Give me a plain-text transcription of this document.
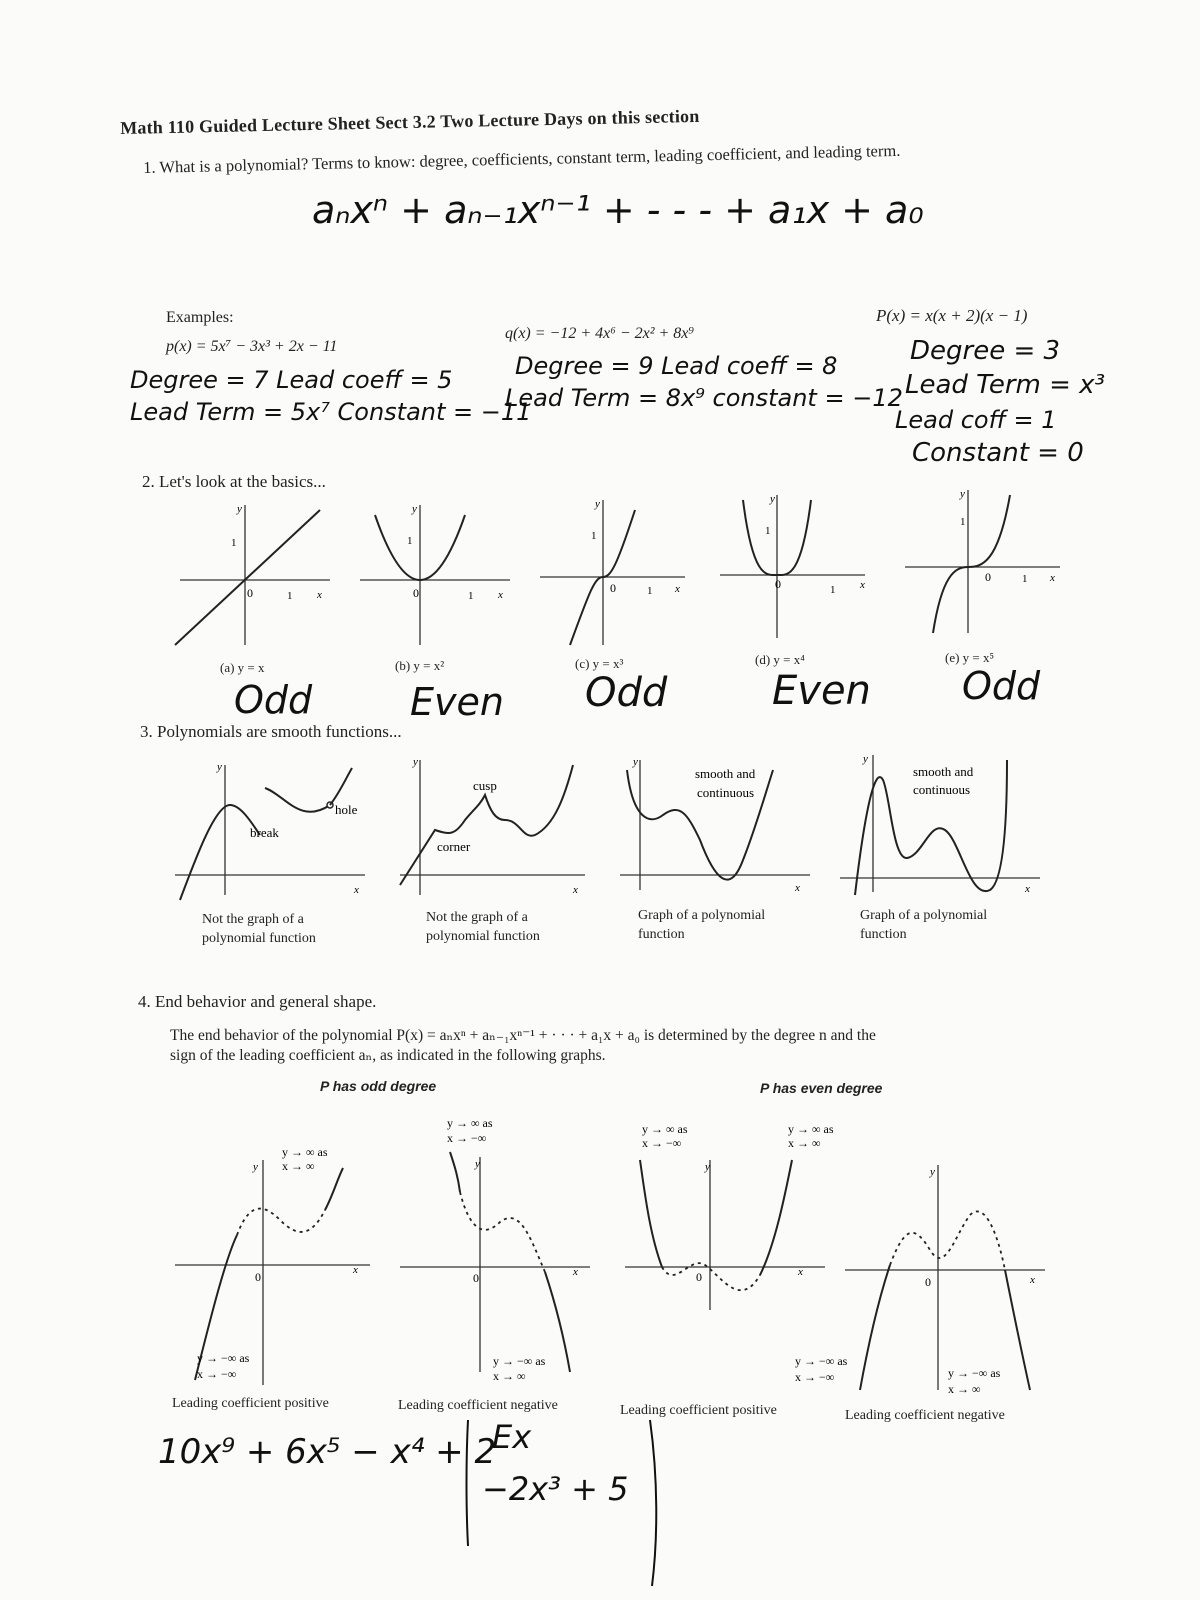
Math 110 Guided Lecture Sheet Sect 3.2 Two Lecture Days on this section
1. What is a polynomial? Terms to know: degree, coefficients, constant term, leading coefficient, and leading term.
aₙxⁿ + aₙ₋₁xⁿ⁻¹ + - - - + a₁x + a₀
Examples:
p(x) = 5x⁷ − 3x³ + 2x − 11
Degree = 7 Lead coeff = 5
Lead Term = 5x⁷ Constant = −11
q(x) = −12 + 4x⁶ − 2x² + 8x⁹
Degree = 9 Lead coeff = 8
Lead Term = 8x⁹ constant = −12
P(x) = x(x + 2)(x − 1)
Degree = 3
Lead Term = x³
Lead coff = 1
Constant = 0
2. Let's look at the basics...
y
0	1
1
x
(a) y = x
Odd
y
0	1
1
x
(b) y = x²
Even
y
0	1
1
x
(c) y = x³
Odd
y
0	1
1
x
(d) y = x⁴
Even
y
0	1
1
x
(e) y = x⁵
Odd
3. Polynomials are smooth functions...
y
break
hole
x
Not the graph of a
polynomial function
y
cusp
corner
x
Not the graph of a
polynomial function
y
smooth and
continuous
x
Graph of a polynomial
function
y
smooth and
continuous
x
Graph of a polynomial
function
4. End behavior and general shape.
The end behavior of the polynomial P(x) = aₙxⁿ + aₙ₋₁xⁿ⁻¹ + · · · + a₁x + a₀ is determined by the degree n and the
sign of the leading coefficient aₙ, as indicated in the following graphs.
P has odd degree	P has even degree
y
0	x
y → ∞ as
x → ∞
y → −∞ as
x → −∞
Leading coefficient positive
y
0	x
y → ∞ as
x → −∞
y → −∞ as
x → ∞
Leading coefficient negative
y
0	x
y → ∞ as
x → −∞
y → ∞ as
x → ∞
Leading coefficient positive
y
0	x
y → −∞ as
x → −∞	y → −∞ as
x → ∞
Leading coefficient negative
10x⁹ + 6x⁵ − x⁴ + 2
Ex
−2x³ + 5
